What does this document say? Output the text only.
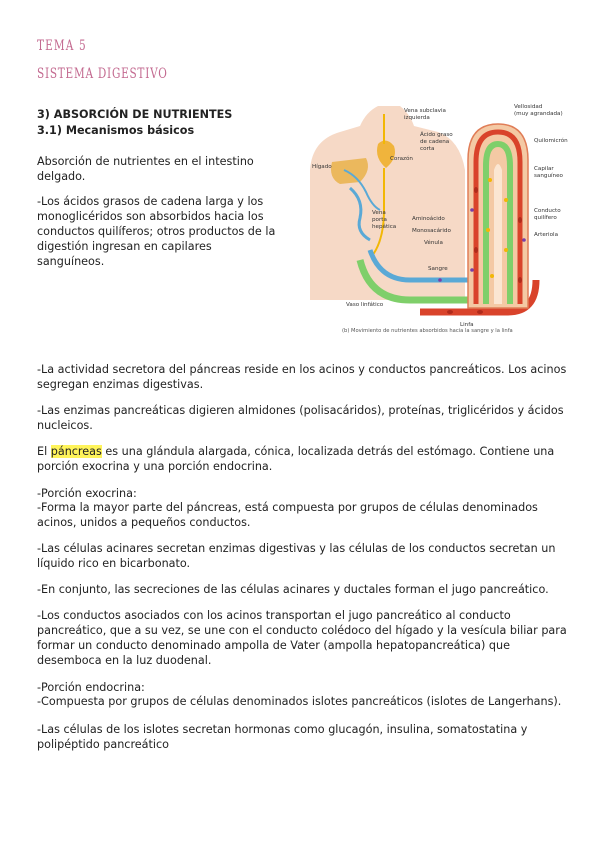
TEMA 5
SISTEMA DIGESTIVO
3) ABSORCIÓN DE NUTRIENTES
3.1) Mecanismos básicos

Absorción de nutrientes en el intestino delgado.

-Los ácidos grasos de cadena larga y los monoglicéridos son absorbidos hacia los conductos quilíferos; otros productos de la digestión ingresan en capilares sanguíneos.

Vena subclavia
izquierda
Ácido graso
de cadena
corta
Hígado
Corazón
Vena
porta
hepática
Aminoácido
Monosacárido
Vénula
Sangre
Vaso linfático
Linfa
Vellosidad
(muy agrandada)
Quilomicrón
Capilar
sanguíneo
Conducto
quilífero
Arteriola
(b) Movimiento de nutrientes absorbidos hacia la sangre y la linfa

-La actividad secretora del páncreas reside en los acinos y conductos pancreáticos. Los acinos segregan enzimas digestivas.

-Las enzimas pancreáticas digieren almidones (polisacáridos), proteínas, triglicéridos y ácidos nucleicos.

El páncreas es una glándula alargada, cónica, localizada detrás del estómago. Contiene una porción exocrina y una porción endocrina.

-Porción exocrina:

-Forma la mayor parte del páncreas, está compuesta por grupos de células denominados acinos, unidos a pequeños conductos.

-Las células acinares secretan enzimas digestivas y las células de los conductos secretan un líquido rico en bicarbonato.

-En conjunto, las secreciones de las células acinares y ductales forman el jugo pancreático.

-Los conductos asociados con los acinos transportan el jugo pancreático al conducto pancreático, que a su vez, se une con el conducto colédoco del hígado y la vesícula biliar para formar un conducto denominado ampolla de Vater (ampolla hepatopancreática) que desemboca en la luz duodenal.

-Porción endocrina:

-Compuesta por grupos de células denominados islotes pancreáticos (islotes de Langerhans).

-Las células de los islotes secretan hormonas como glucagón, insulina, somatostatina y polipéptido pancreático
